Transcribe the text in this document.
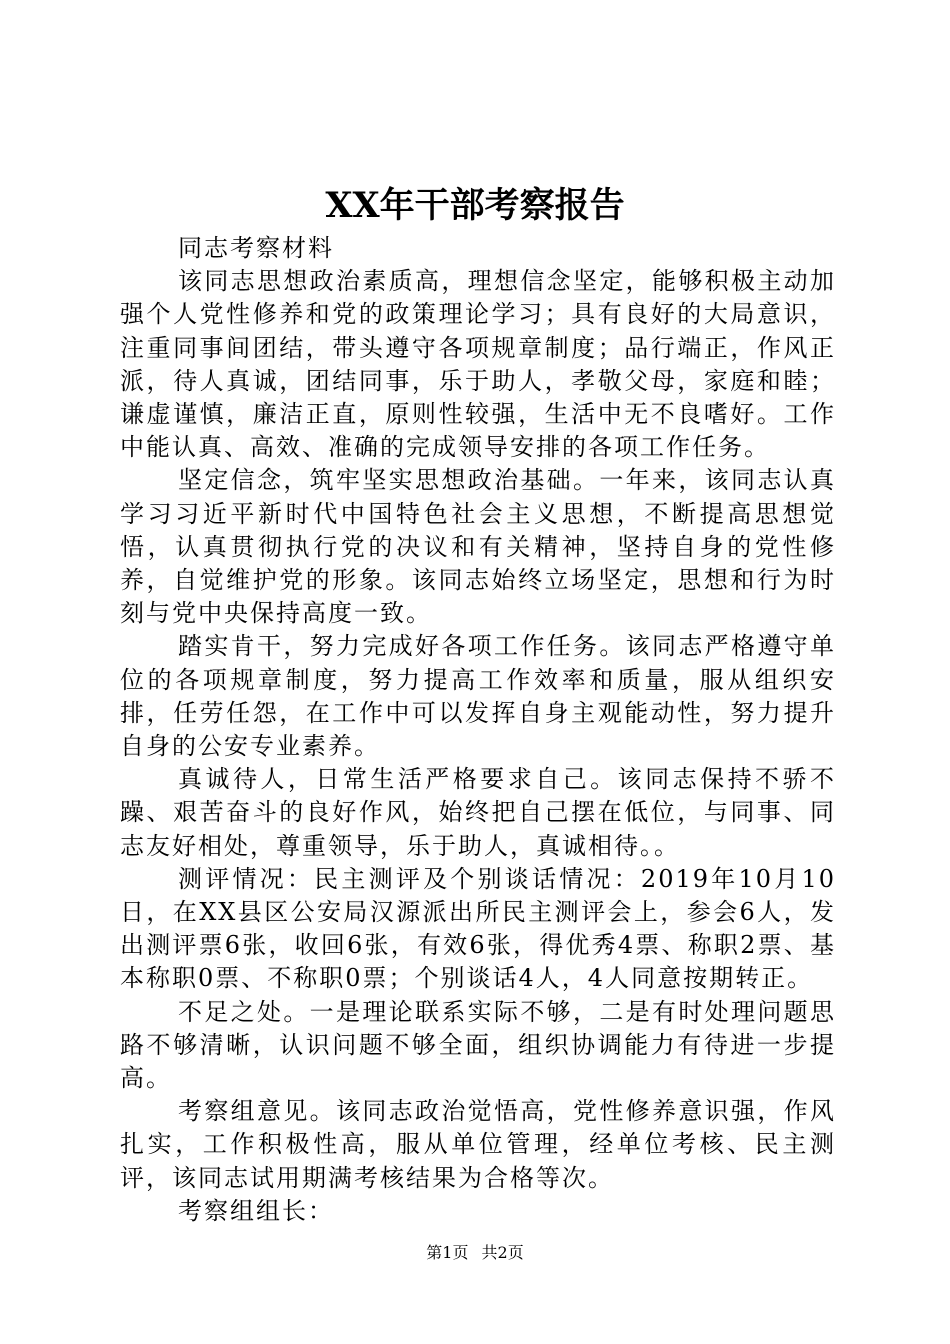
XX年干部考察报告

同志考察材料

该同志思想政治素质高，理想信念坚定，能够积极主动加强个人党性修养和党的政策理论学习；具有良好的大局意识，注重同事间团结，带头遵守各项规章制度；品行端正，作风正派，待人真诚，团结同事，乐于助人，孝敬父母，家庭和睦；谦虚谨慎，廉洁正直，原则性较强，生活中无不良嗜好。工作中能认真、高效、准确的完成领导安排的各项工作任务。

坚定信念，筑牢坚实思想政治基础。一年来，该同志认真学习习近平新时代中国特色社会主义思想，不断提高思想觉悟，认真贯彻执行党的决议和有关精神，坚持自身的党性修养，自觉维护党的形象。该同志始终立场坚定，思想和行为时刻与党中央保持高度一致。

踏实肯干，努力完成好各项工作任务。该同志严格遵守单位的各项规章制度，努力提高工作效率和质量，服从组织安排，任劳任怨，在工作中可以发挥自身主观能动性，努力提升自身的公安专业素养。

真诚待人，日常生活严格要求自己。该同志保持不骄不躁、艰苦奋斗的良好作风，始终把自己摆在低位，与同事、同志友好相处，尊重领导，乐于助人，真诚相待。。

测评情况：民主测评及个别谈话情况：2019年10月10日，在XX县区公安局汉源派出所民主测评会上，参会6人，发出测评票6张，收回6张，有效6张，得优秀4票、称职2票、基本称职0票、不称职0票；个别谈话4人，4人同意按期转正。

不足之处。一是理论联系实际不够，二是有时处理问题思路不够清晰，认识问题不够全面，组织协调能力有待进一步提高。

考察组意见。该同志政治觉悟高，党性修养意识强，作风扎实，工作积极性高，服从单位管理，经单位考核、民主测评，该同志试用期满考核结果为合格等次。

考察组组长：

第1页 共2页
